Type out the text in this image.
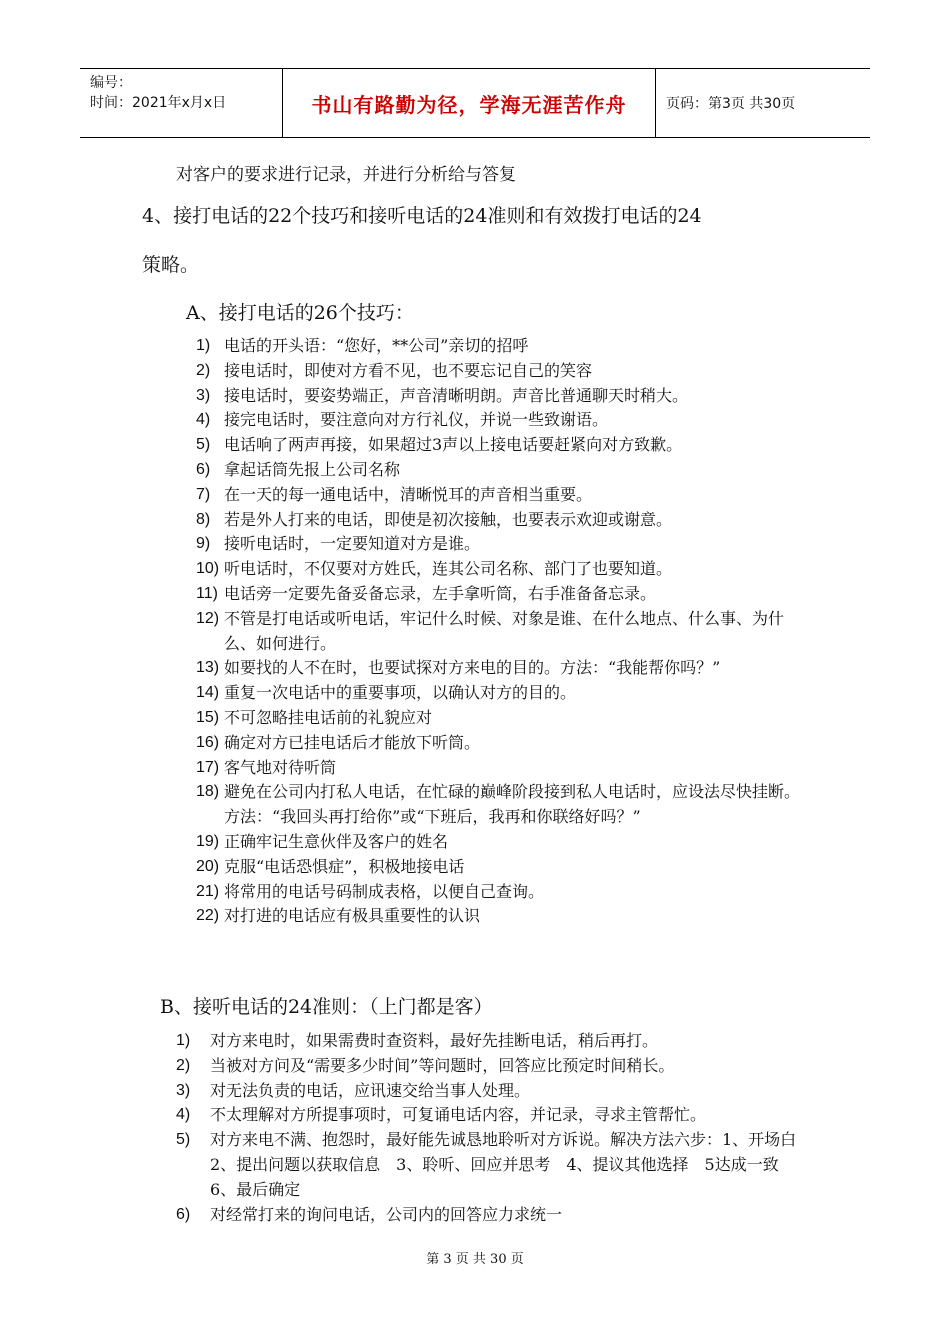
编号：
时间：2021年x月x日	书山有路勤为径，学海无涯苦作舟	页码：第3页 共30页
对客户的要求进行记录，并进行分析给与答复
4、接打电话的22个技巧和接听电话的24准则和有效拨打电话的24
策略。
A、接打电话的26个技巧：
1) 电话的开头语：“您好，**公司”亲切的招呼
2) 接电话时，即使对方看不见，也不要忘记自己的笑容
3) 接电话时，要姿势端正，声音清晰明朗。声音比普通聊天时稍大。
4) 接完电话时，要注意向对方行礼仪，并说一些致谢语。
5) 电话响了两声再接，如果超过3声以上接电话要赶紧向对方致歉。
6) 拿起话筒先报上公司名称
7) 在一天的每一通电话中，清晰悦耳的声音相当重要。
8) 若是外人打来的电话，即使是初次接触，也要表示欢迎或谢意。
9) 接听电话时，一定要知道对方是谁。
10) 听电话时，不仅要对方姓氏，连其公司名称、部门了也要知道。
11) 电话旁一定要先备妥备忘录，左手拿听筒，右手准备备忘录。
12) 不管是打电话或听电话，牢记什么时候、对象是谁、在什么地点、什么事、为什么、如何进行。
13) 如要找的人不在时，也要试探对方来电的目的。方法：“我能帮你吗？”
14) 重复一次电话中的重要事项，以确认对方的目的。
15) 不可忽略挂电话前的礼貌应对
16) 确定对方已挂电话后才能放下听筒。
17) 客气地对待听筒
18) 避免在公司内打私人电话，在忙碌的巅峰阶段接到私人电话时，应设法尽快挂断。方法：“我回头再打给你”或“下班后，我再和你联络好吗？”
19) 正确牢记生意伙伴及客户的姓名
20) 克服“电话恐惧症”，积极地接电话
21) 将常用的电话号码制成表格，以便自己查询。
22) 对打进的电话应有极具重要性的认识
B、接听电话的24准则：（上门都是客）
1)	对方来电时，如果需费时查资料，最好先挂断电话，稍后再打。
2)	当被对方问及“需要多少时间”等问题时，回答应比预定时间稍长。
3)	对无法负责的电话，应讯速交给当事人处理。
4)	不太理解对方所提事项时，可复诵电话内容，并记录，寻求主管帮忙。
5)	对方来电不满、抱怨时，最好能先诚恳地聆听对方诉说。解决方法六步：1、开场白　2、提出问题以获取信息　3、聆听、回应并思考　4、提议其他选择　5达成一致　6、最后确定
6)	对经常打来的询问电话，公司内的回答应力求统一
第 3 页 共 30 页
